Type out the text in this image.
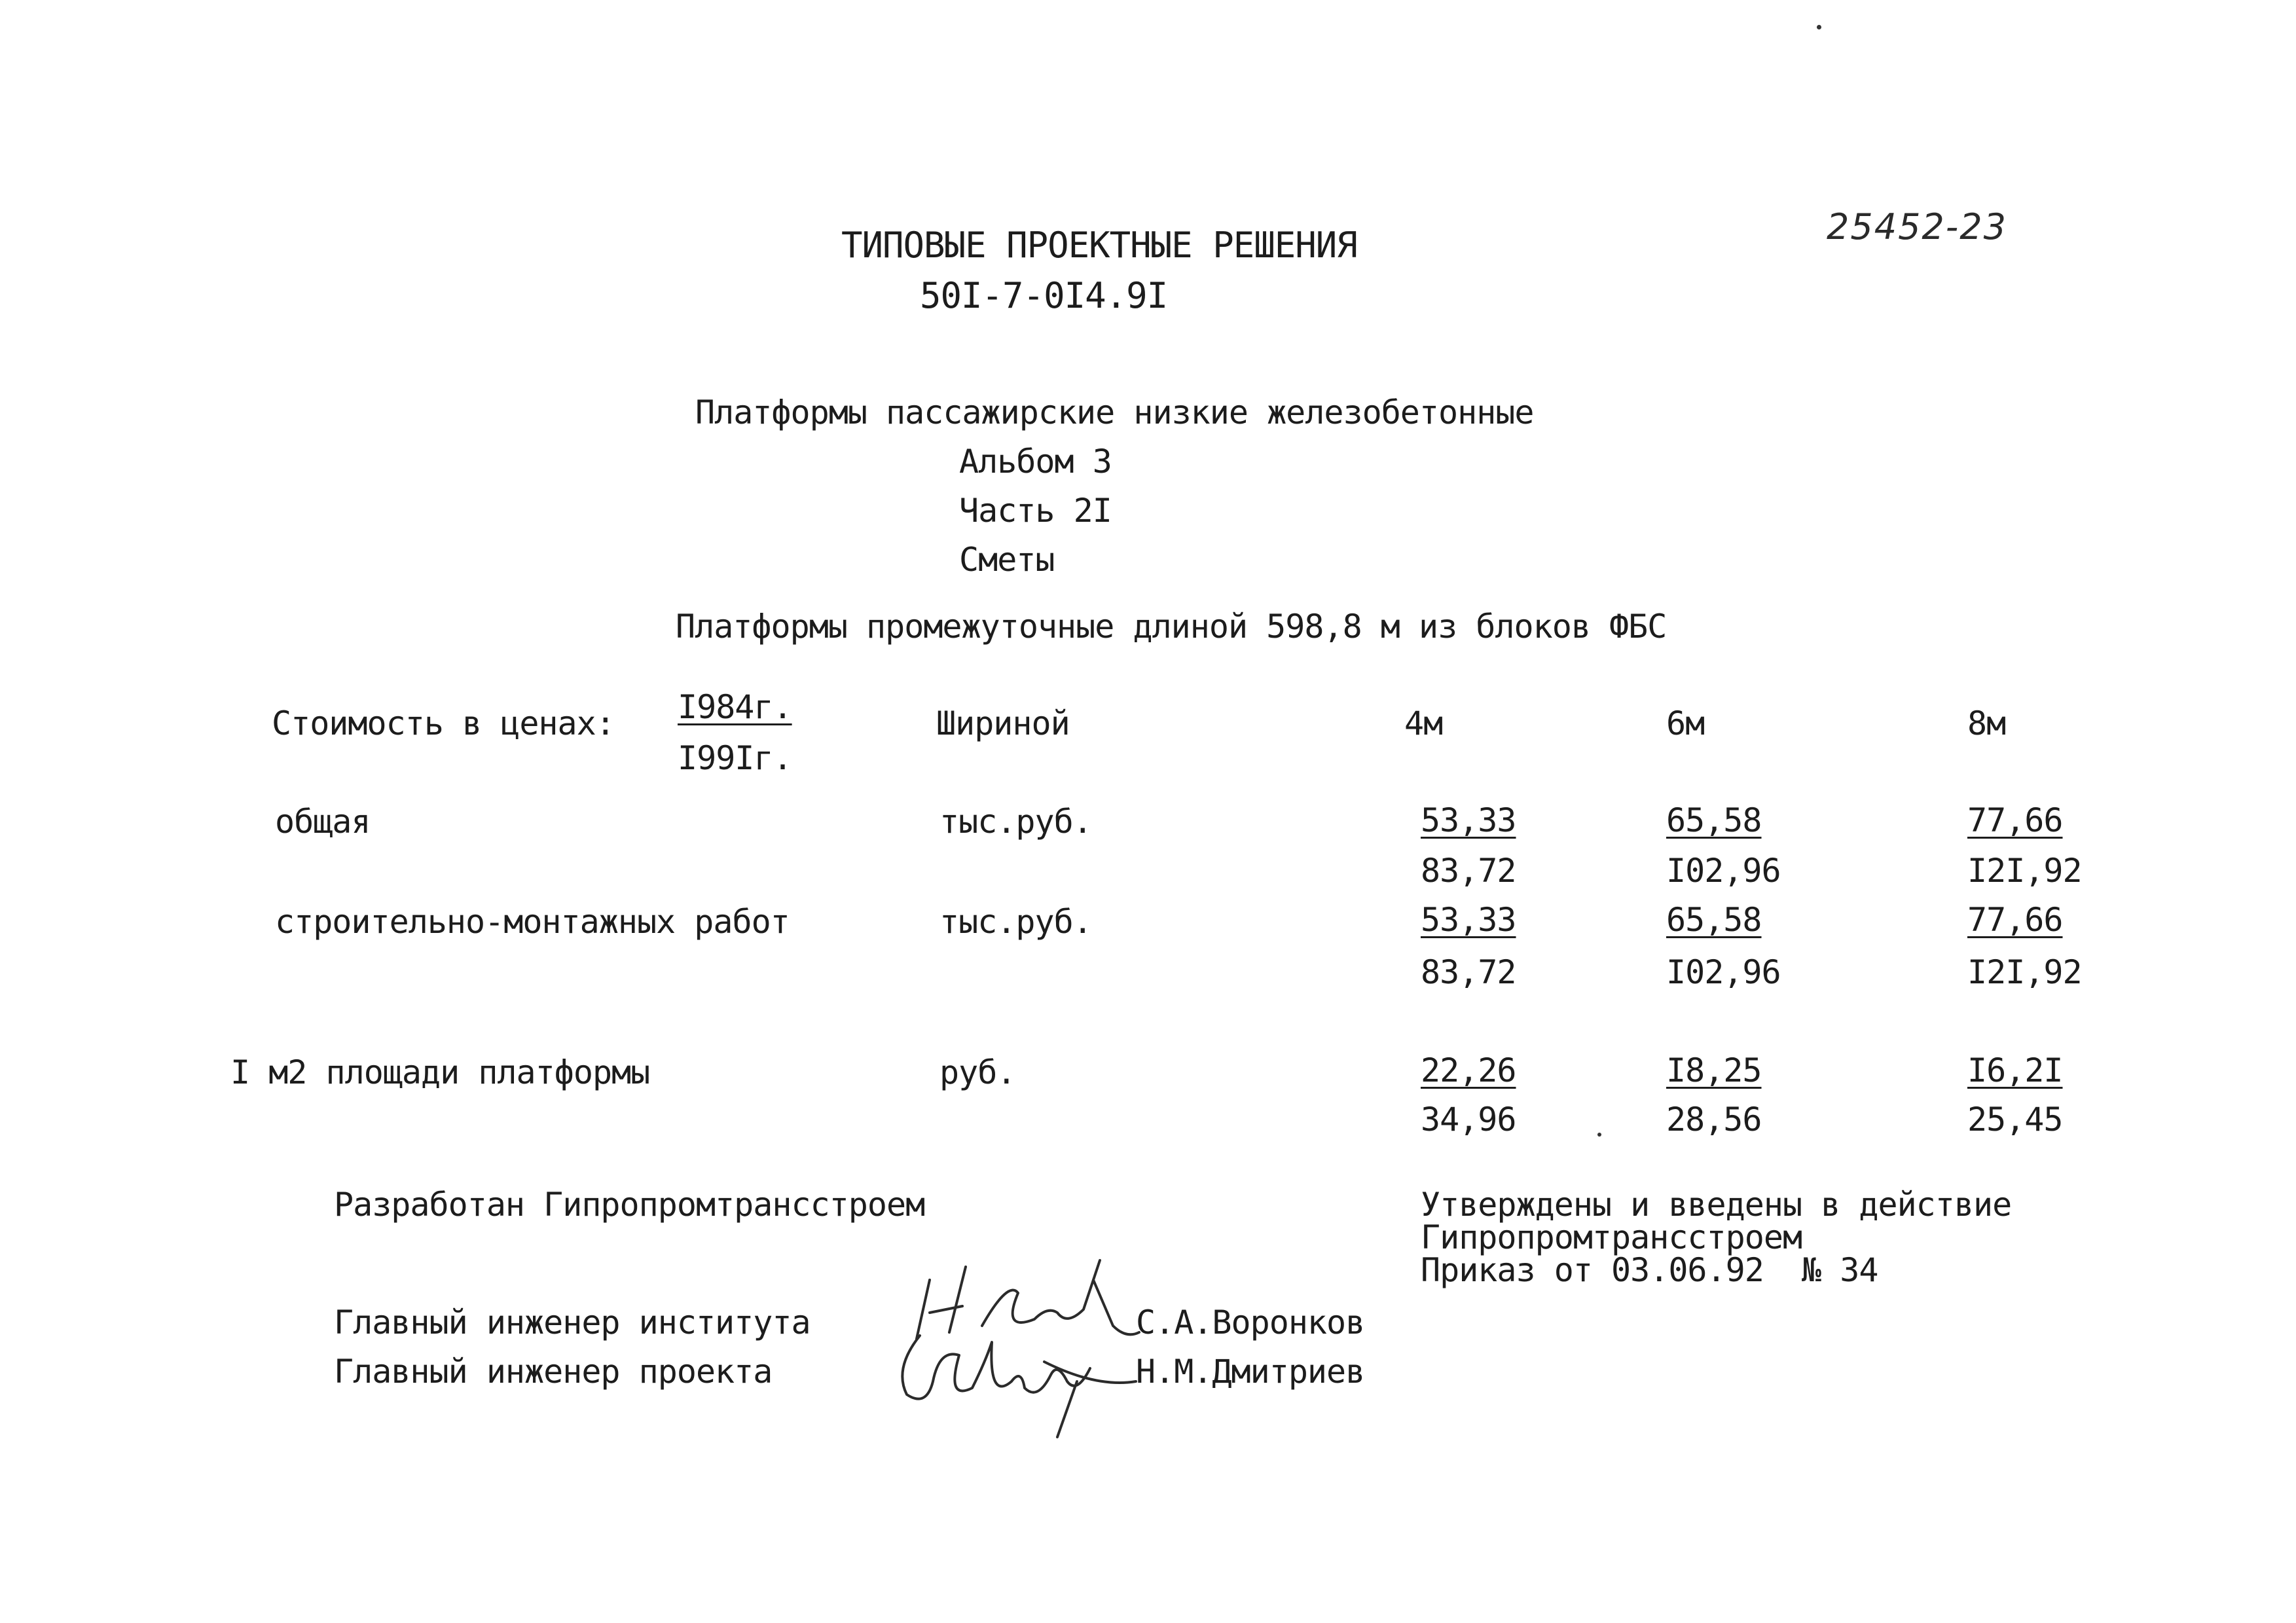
25452-23
ТИПОВЫЕ ПРОЕКТНЫЕ РЕШЕНИЯ
50I-7-0I4.9I
Платформы пассажирские низкие железобетонные
Альбом 3
Часть 2I
Сметы
Платформы промежуточные длиной 598,8 м из блоков ФБС
Стоимость в ценах: I984г.
I99Iг.
Шириной	4м	6м	8м
общая	тыс.руб.	53,33	65,58	77,66
83,72	I02,96	I2I,92
строительно-монтажных работ	тыс.руб.	53,33	65,58	77,66
83,72	I02,96	I2I,92
I м2 площади платформы	руб.	22,26	I8,25	I6,2I
34,96	28,56	25,45
Разработан Гипропромтрансстроем	Утверждены и введены в действие
Гипропромтрансстроем
Приказ от 03.06.92  № 34
Главный инженер института	С.А.Воронков
Главный инженер проекта	Н.М.Дмитриев
